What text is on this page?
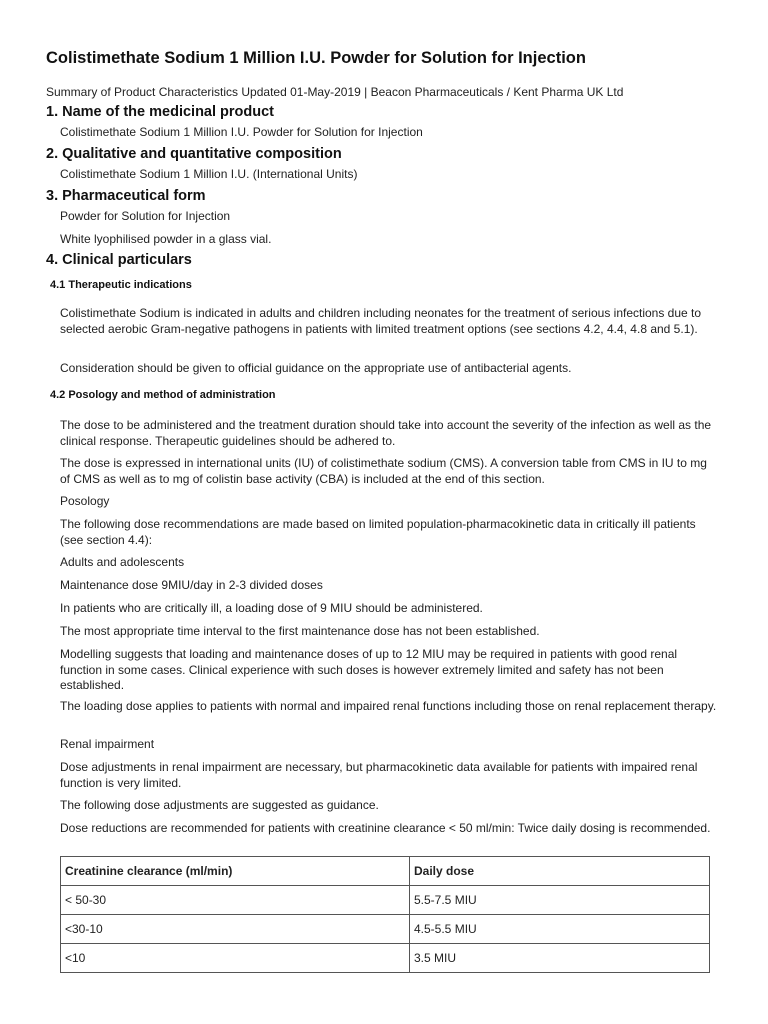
Colistimethate Sodium 1 Million I.U. Powder for Solution for Injection
Summary of Product Characteristics Updated 01-May-2019 | Beacon Pharmaceuticals / Kent Pharma UK Ltd
1. Name of the medicinal product
Colistimethate Sodium 1 Million I.U. Powder for Solution for Injection
2. Qualitative and quantitative composition
Colistimethate Sodium 1 Million I.U. (International Units)
3. Pharmaceutical form
Powder for Solution for Injection
White lyophilised powder in a glass vial.
4. Clinical particulars
4.1 Therapeutic indications
Colistimethate Sodium is indicated in adults and children including neonates for the treatment of serious infections due to selected aerobic Gram-negative pathogens in patients with limited treatment options (see sections 4.2, 4.4, 4.8 and 5.1).
Consideration should be given to official guidance on the appropriate use of antibacterial agents.
4.2 Posology and method of administration
The dose to be administered and the treatment duration should take into account the severity of the infection as well as the clinical response. Therapeutic guidelines should be adhered to.
The dose is expressed in international units (IU) of colistimethate sodium (CMS). A conversion table from CMS in IU to mg of CMS as well as to mg of colistin base activity (CBA) is included at the end of this section.
Posology
The following dose recommendations are made based on limited population-pharmacokinetic data in critically ill patients (see section 4.4):
Adults and adolescents
Maintenance dose 9MIU/day in 2-3 divided doses
In patients who are critically ill, a loading dose of 9 MIU should be administered.
The most appropriate time interval to the first maintenance dose has not been established.
Modelling suggests that loading and maintenance doses of up to 12 MIU may be required in patients with good renal function in some cases. Clinical experience with such doses is however extremely limited and safety has not been established.
The loading dose applies to patients with normal and impaired renal functions including those on renal replacement therapy.
Renal impairment
Dose adjustments in renal impairment are necessary, but pharmacokinetic data available for patients with impaired renal function is very limited.
The following dose adjustments are suggested as guidance.
Dose reductions are recommended for patients with creatinine clearance < 50 ml/min: Twice daily dosing is recommended.
Creatinine clearance (ml/min)	Daily dose
< 50-30	5.5-7.5 MIU
<30-10	4.5-5.5 MIU
<10	3.5 MIU
